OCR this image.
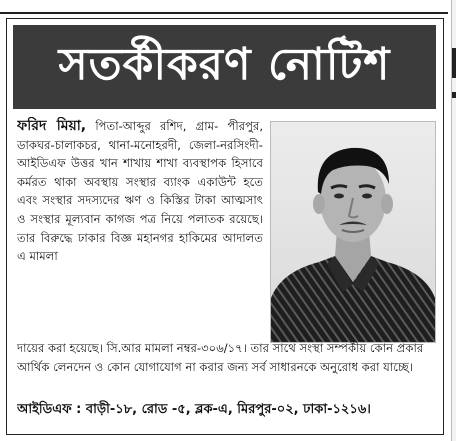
সতর্কীকরণ নোটিশ
ফরিদ মিয়া, পিতা-আব্দুর রশিদ, গ্রাম- পীরপুর, ডাকঘর-চালাকচর, থানা-মনোহরদী, জেলা-নরসিংদী-আইডিএফ উত্তর খান শাখায় শাখা ব্যবস্থাপক হিসাবে কর্মরত থাকা অবস্থায় সংস্থার ব্যাংক একাউন্ট হতে এবং সংস্থার সদস্যদের ঋণ ও কিস্তির টাকা আত্মসাৎ ও সংস্থার মূল্যবান কাগজ পত্র নিয়ে পলাতক রয়েছে। তার বিরুদ্ধে ঢাকার বিজ্ঞ মহানগর হাকিমের আদালত এ মামলা
দায়ের করা হয়েছে। সি.আর মামলা নম্বর-৩০৬/১৭। তার সাথে সংস্থা সম্পর্কীয় কোন প্রকার আর্থিক লেনদেন ও কোন যোগাযোগ না করার জন্য সর্ব সাধারনকে অনুরোধ করা যাচ্ছে।
আইডিএফ : বাড়ী-১৮, রোড -৫, ব্লক-এ, মিরপুর-০২, ঢাকা-১২১৬।
